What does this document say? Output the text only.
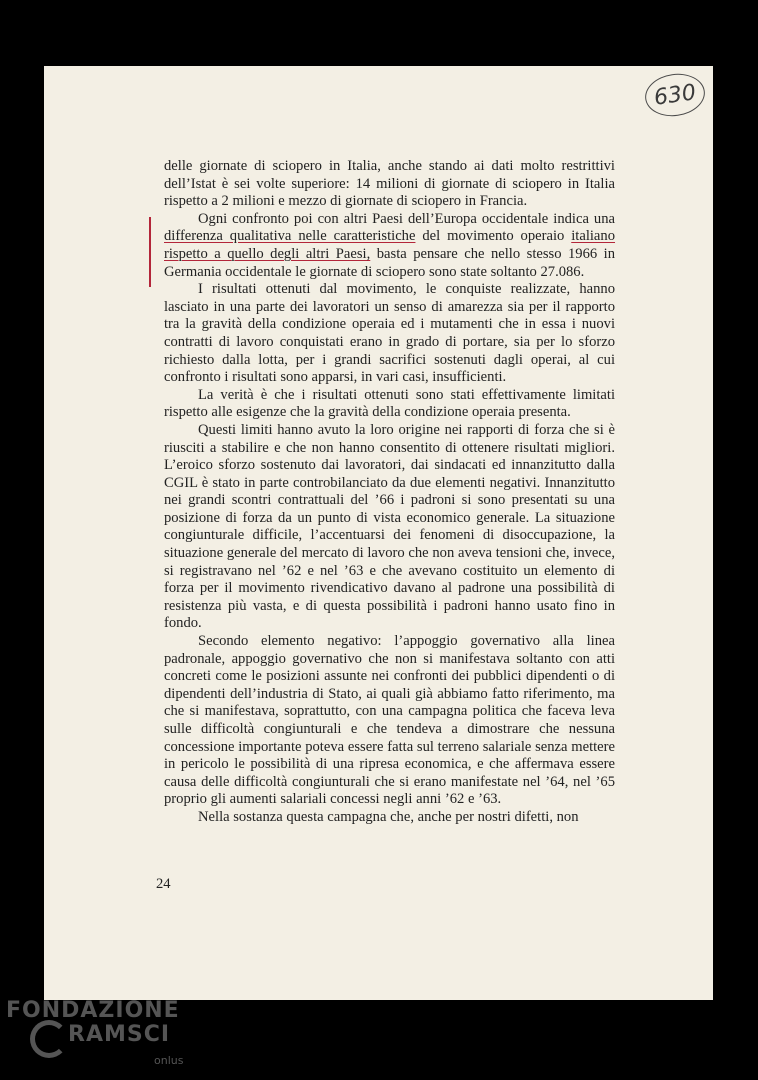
630

delle giornate di sciopero in Italia, anche stando ai dati molto restrittivi dell’Istat è sei volte superiore: 14 milioni di giornate di sciopero in Italia rispetto a 2 milioni e mezzo di giornate di sciopero in Francia.

Ogni confronto poi con altri Paesi dell’Europa occidentale indica una differenza qualitativa nelle caratteristiche del movimento operaio italiano rispetto a quello degli altri Paesi, basta pensare che nello stesso 1966 in Germania occidentale le giornate di sciopero sono state soltanto 27.086.

I risultati ottenuti dal movimento, le conquiste realizzate, hanno lasciato in una parte dei lavoratori un senso di amarezza sia per il rapporto tra la gravità della condizione operaia ed i mutamenti che in essa i nuovi contratti di lavoro conquistati erano in grado di portare, sia per lo sforzo richiesto dalla lotta, per i grandi sacrifici sostenuti dagli operai, al cui confronto i risultati sono apparsi, in vari casi, insufficienti.

La verità è che i risultati ottenuti sono stati effettivamente limitati rispetto alle esigenze che la gravità della condizione operaia presenta.

Questi limiti hanno avuto la loro origine nei rapporti di forza che si è riusciti a stabilire e che non hanno consentito di ottenere risultati migliori. L’eroico sforzo sostenuto dai lavoratori, dai sindacati ed innanzitutto dalla CGIL è stato in parte controbilanciato da due elementi negativi. Innanzitutto nei grandi scontri contrattuali del ’66 i padroni si sono presentati su una posizione di forza da un punto di vista economico generale. La situazione congiunturale difficile, l’accentuarsi dei fenomeni di disoccupazione, la situazione generale del mercato di lavoro che non aveva tensioni che, invece, si registravano nel ’62 e nel ’63 e che avevano costituito un elemento di forza per il movimento rivendicativo davano al padrone una possibilità di resistenza più vasta, e di questa possibilità i padroni hanno usato fino in fondo.

Secondo elemento negativo: l’appoggio governativo alla linea padronale, appoggio governativo che non si manifestava soltanto con atti concreti come le posizioni assunte nei confronti dei pubblici dipendenti o di dipendenti dell’industria di Stato, ai quali già abbiamo fatto riferimento, ma che si manifestava, soprattutto, con una campagna politica che faceva leva sulle difficoltà congiunturali e che tendeva a dimostrare che nessuna concessione importante poteva essere fatta sul terreno salariale senza mettere in pericolo le possibilità di una ripresa economica, e che affermava essere causa delle difficoltà congiunturali che si erano manifestate nel ’64, nel ’65 proprio gli aumenti salariali concessi negli anni ’62 e ’63.

Nella sostanza questa campagna che, anche per nostri difetti, non

24
FONDAZIONE
RAMSCI
onlus
